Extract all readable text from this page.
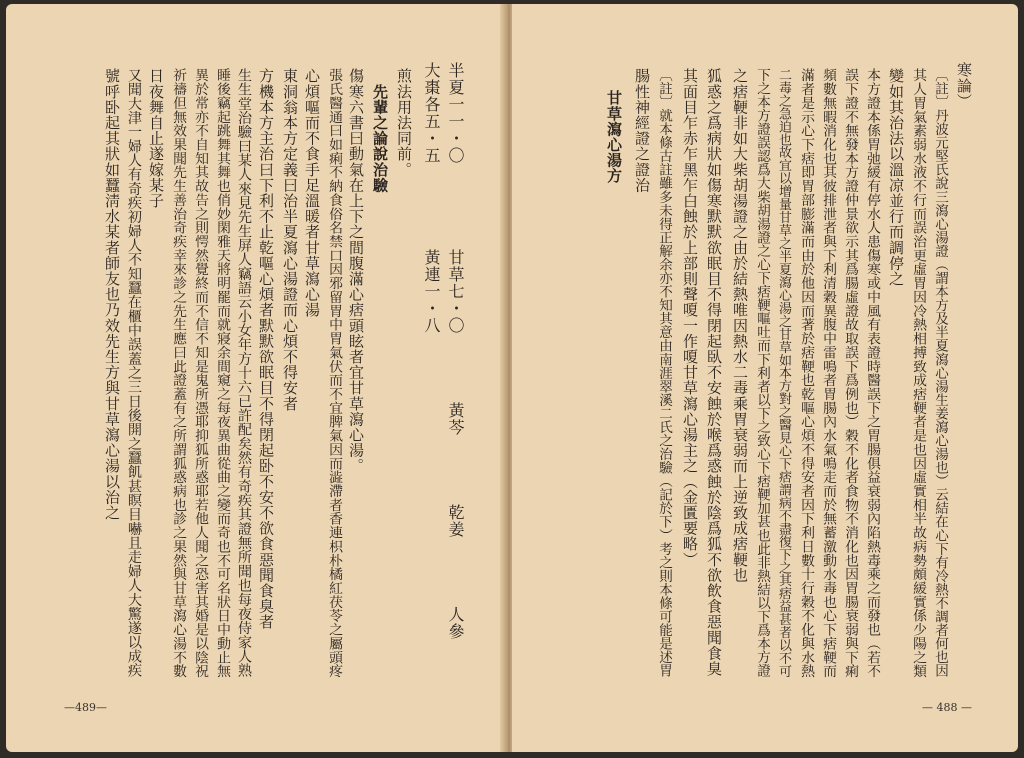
半夏一一・〇　　　　　甘草七・〇　　　　黃芩　　　　乾姜　　　　人參
大棗各五・五　　　　　黃連一・八
煎法用法同前。
　先輩之論說治驗
傷寒六書曰動氣在上下之間腹滿心痞頭眩者宜甘草瀉心湯。
張氏醫通曰如痢不納食俗名禁口因邪留胃中胃氣伏而不宜脾氣因而澁滯者香連枳朴橘紅茯苓之屬頭疼
心煩嘔而不食手足溫暖者甘草瀉心湯
東洞翁本方定義曰治半夏瀉心湯證而心煩不得安者
方機本方主治曰下利不止乾嘔心煩者默默欲眠目不得閉起卧不安不欲食惡聞食臭者
生生堂治驗曰某人來見先生屏人竊語云小女年方十六已許配矣然有奇疾其證無所聞也每夜侍家人熟
睡後竊起跳舞其舞也俏妙閑雅天將明罷而就寢余間窺之每夜異曲從曲之變而奇也不可名狀日中動止無
異於常亦不自知其故告之則愕然覺終而不信不知是鬼所憑耶抑狐所惑耶若他人聞之恐害其婚是以陰祝
祈禱但無效果聞先生善治奇疾幸來診之先生應曰此證蓋有之所謂狐惑病也診之果然與甘草瀉心湯不數
日夜舞自止遂嫁某子
又聞大津一婦人有奇疾初婦人不知蠶在櫃中誤蓋之三日後開之蠶飢甚瞑目嚇且走婦人大驚遂以成疾
號呼卧起其狀如蠶淸水某者師友也乃效先生方與甘草瀉心湯以治之
—489—
寒論）
〔註〕丹波元堅氏說三瀉心湯證（謂本方及半夏瀉心湯生姜瀉心湯也）云結在心下有冷熱不調者何也因
其人胃氣素弱水液不行而誤治更虛胃因冷熱相搏致成痞鞕者是也因虛實相半故病勢頗緩實係少陽之類
變如其治法以溫凉並行而調停之
本方證本係胃弛緩有停水人患傷寒或中風有表證時醫誤下之胃腸俱益衰弱內陷熱毒乘之而發也（若不
誤下證不無發本方證仲景欲示其爲腸虛證故取誤下爲例也）穀不化者食物不消化也因胃腸衰弱與下痢
頻數無暇消化也其彼排泄者與下利清穀異腹中雷鳴者胃腸內水氣鳴走而於無蓄激動水毒也心下痞鞕而
滿者是示心下痞即胃部膨滿而由於他因而著於痞鞕也乾嘔心煩不得安者因下利日數十行穀不化與水熱
二毒之急迫也故宜以增量甘草之半夏瀉心湯之甘草如本方對之醫見心下痞謂病不盡復下之其痞益甚者以不可
下之本方證誤認爲大柴胡湯證之心下痞鞕嘔吐而下利者以下之致心下痞鞕加甚也此非熱結以下爲本方證
之痞鞕非如大柴胡湯證之由於結熱唯因熱水二毒乘胃衰弱而上逆致成痞鞕也
狐惑之爲病狀如傷寒默默欲眠目不得閉起臥不安蝕於喉爲惑蝕於陰爲狐不欲飲食惡聞食臭
其面目乍赤乍黑乍白蝕於上部則聲嗄一作嗄甘草瀉心湯主之（金匱要略）
〔註〕就本條古註雖多未得正解余亦不知其意由南涯翠溪二氏之治驗（記於下）考之則本條可能是述胃
腸性神經證之證治
甘草瀉心湯方
— 488 —
